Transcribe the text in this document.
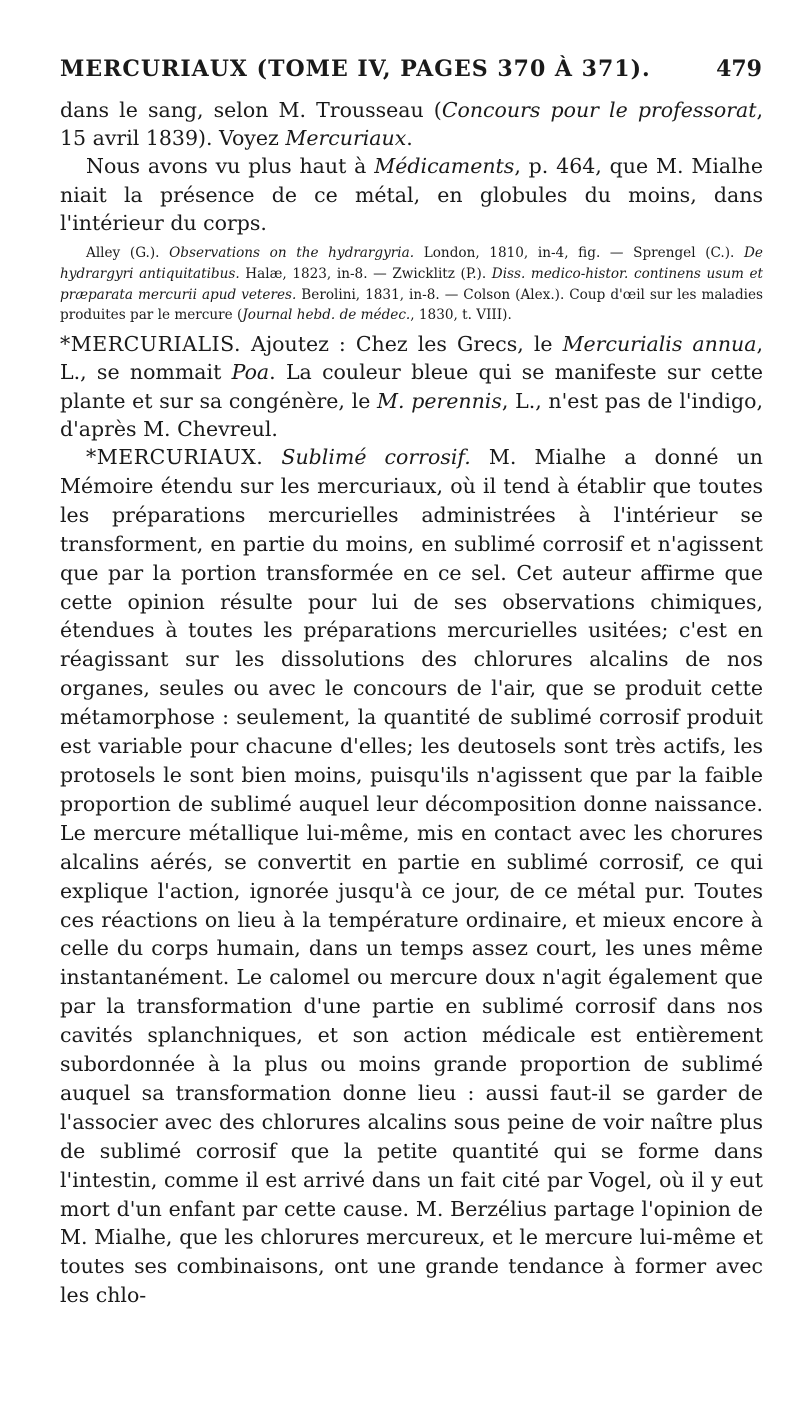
MERCURIAUX (TOME IV, PAGES 370 À 371).	479

dans le sang, selon M. Trousseau (Concours pour le professorat, 15 avril 1839). Voyez Mercuriaux.

Nous avons vu plus haut à Médicaments, p. 464, que M. Mialhe niait la présence de ce métal, en globules du moins, dans l'intérieur du corps.

Alley (G.). Observations on the hydrargyria. London, 1810, in-4, fig. — Sprengel (C.). De hydrargyri antiquitatibus. Halæ, 1823, in-8. — Zwicklitz (P.). Diss. medico-histor. continens usum et præparata mercurii apud veteres. Berolini, 1831, in-8. — Colson (Alex.). Coup d'œil sur les maladies produites par le mercure (Journal hebd. de médec., 1830, t. VIII).

*MERCURIALIS. Ajoutez : Chez les Grecs, le Mercurialis annua, L., se nommait Poa. La couleur bleue qui se manifeste sur cette plante et sur sa congénère, le M. perennis, L., n'est pas de l'indigo, d'après M. Chevreul.

*MERCURIAUX. Sublimé corrosif. M. Mialhe a donné un Mémoire étendu sur les mercuriaux, où il tend à établir que toutes les préparations mercurielles administrées à l'intérieur se transforment, en partie du moins, en sublimé corrosif et n'agissent que par la portion transformée en ce sel. Cet auteur affirme que cette opinion résulte pour lui de ses observations chimiques, étendues à toutes les préparations mercurielles usitées; c'est en réagissant sur les dissolutions des chlorures alcalins de nos organes, seules ou avec le concours de l'air, que se produit cette métamorphose : seulement, la quantité de sublimé corrosif produit est variable pour chacune d'elles; les deutosels sont très actifs, les protosels le sont bien moins, puisqu'ils n'agissent que par la faible proportion de sublimé auquel leur décomposition donne naissance. Le mercure métallique lui-même, mis en contact avec les chorures alcalins aérés, se convertit en partie en sublimé corrosif, ce qui explique l'action, ignorée jusqu'à ce jour, de ce métal pur. Toutes ces réactions on lieu à la température ordinaire, et mieux encore à celle du corps humain, dans un temps assez court, les unes même instantanément. Le calomel ou mercure doux n'agit également que par la transformation d'une partie en sublimé corrosif dans nos cavités splanchniques, et son action médicale est entièrement subordonnée à la plus ou moins grande proportion de sublimé auquel sa transformation donne lieu : aussi faut-il se garder de l'associer avec des chlorures alcalins sous peine de voir naître plus de sublimé corrosif que la petite quantité qui se forme dans l'intestin, comme il est arrivé dans un fait cité par Vogel, où il y eut mort d'un enfant par cette cause. M. Berzélius partage l'opinion de M. Mialhe, que les chlorures mercureux, et le mercure lui-même et toutes ses combinaisons, ont une grande tendance à former avec les chlo-
